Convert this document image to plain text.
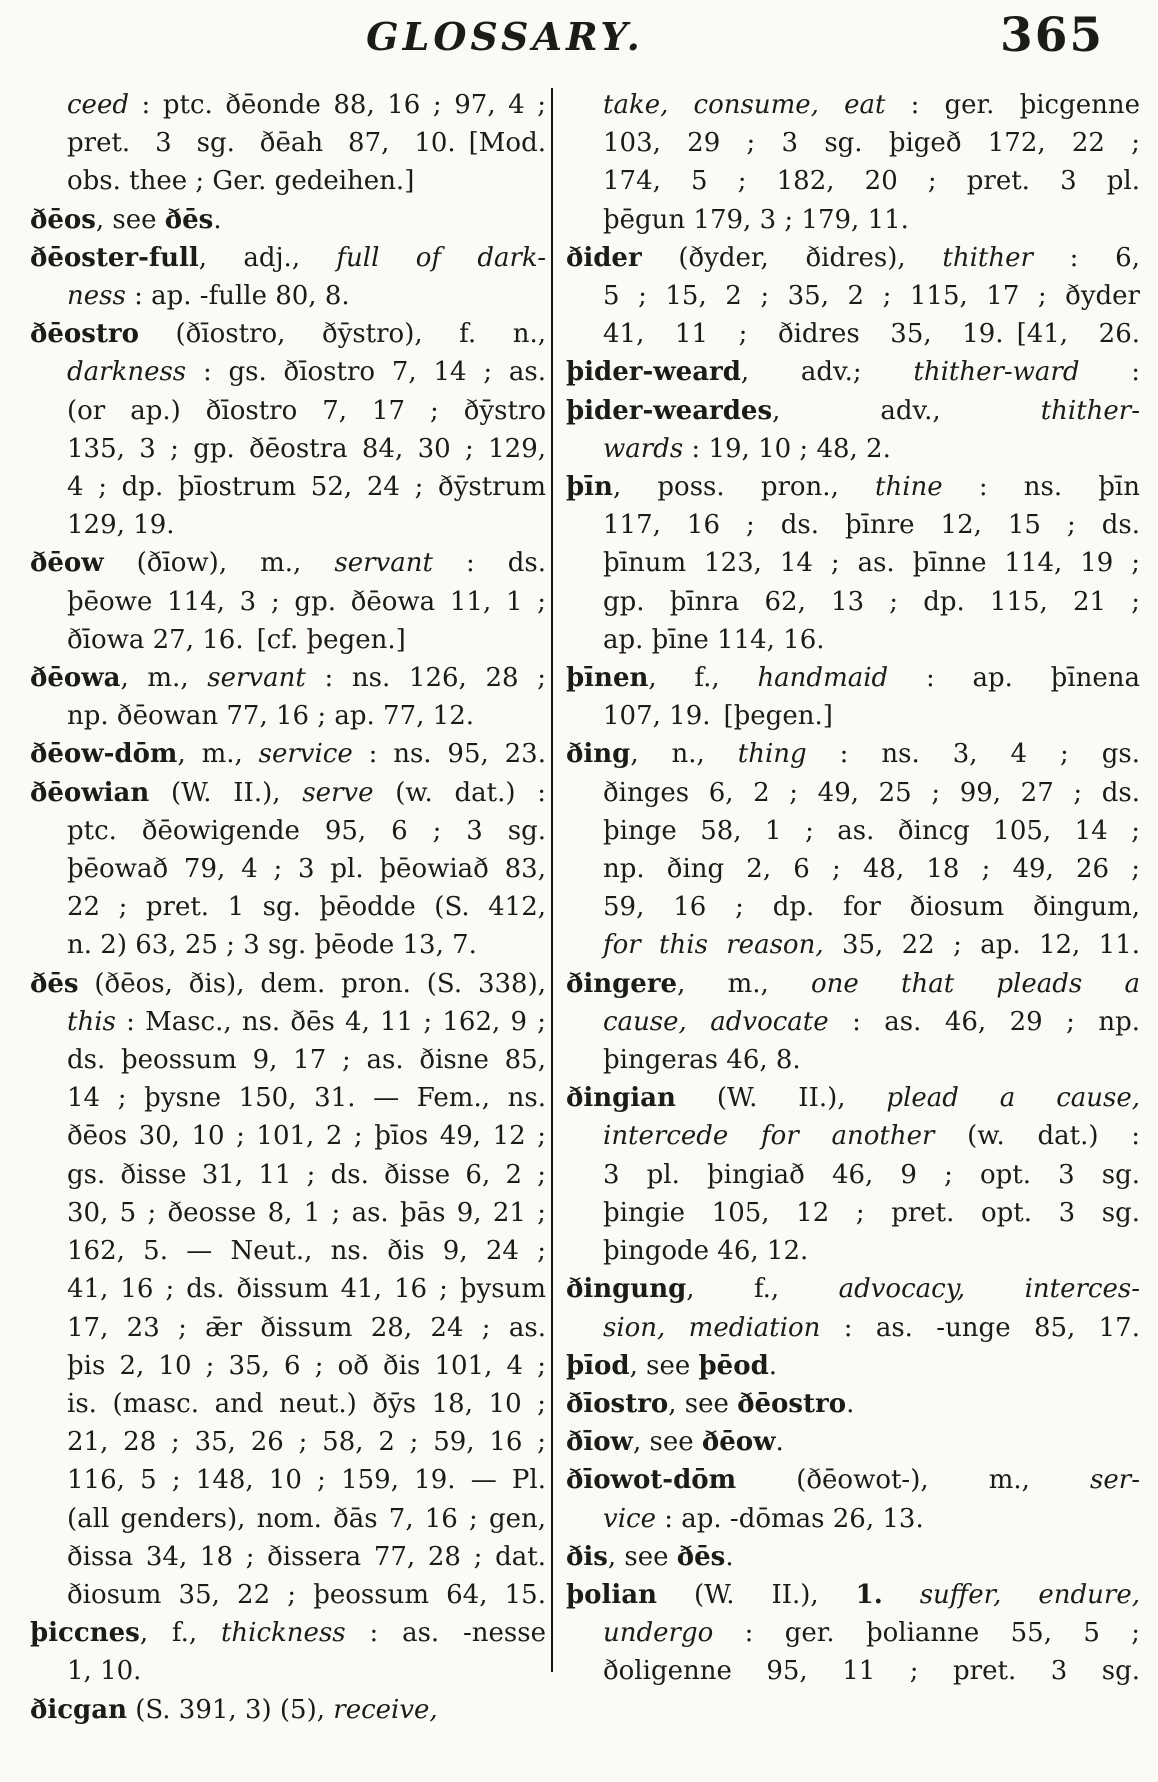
GLOSSARY.	365
ceed : ptc. ðēonde 88, 16 ; 97, 4 ;
pret. 3 sg. ðēah 87, 10. [Mod.
obs. thee ; Ger. gedeihen.]
ðēos, see ðēs.
ðēoster-full, adj., full of dark-
ness : ap. -fulle 80, 8.
ðēostro (ðīostro, ðȳstro), f. n.,
darkness : gs. ðīostro 7, 14 ; as.
(or ap.) ðīostro 7, 17 ; ðȳstro
135, 3 ; gp. ðēostra 84, 30 ; 129,
4 ; dp. þīostrum 52, 24 ; ðȳstrum
129, 19.
ðēow (ðīow), m., servant : ds.
þēowe 114, 3 ; gp. ðēowa 11, 1 ;
ðīowa 27, 16. [cf. þegen.]
ðēowa, m., servant : ns. 126, 28 ;
np. ðēowan 77, 16 ; ap. 77, 12.
ðēow-dōm, m., service : ns. 95, 23.
ðēowian (W. II.), serve (w. dat.) :
ptc. ðēowigende 95, 6 ; 3 sg.
þēowað 79, 4 ; 3 pl. þēowiað 83,
22 ; pret. 1 sg. þēodde (S. 412,
n. 2) 63, 25 ; 3 sg. þēode 13, 7.
ðēs (ðēos, ðis), dem. pron. (S. 338),
this : Masc., ns. ðēs 4, 11 ; 162, 9 ;
ds. þeossum 9, 17 ; as. ðisne 85,
14 ; þysne 150, 31. — Fem., ns.
ðēos 30, 10 ; 101, 2 ; þīos 49, 12 ;
gs. ðisse 31, 11 ; ds. ðisse 6, 2 ;
30, 5 ; ðeosse 8, 1 ; as. þās 9, 21 ;
162, 5. — Neut., ns. ðis 9, 24 ;
41, 16 ; ds. ðissum 41, 16 ; þysum
17, 23 ; ǣr ðissum 28, 24 ; as.
þis 2, 10 ; 35, 6 ; oð ðis 101, 4 ;
is. (masc. and neut.) ðȳs 18, 10 ;
21, 28 ; 35, 26 ; 58, 2 ; 59, 16 ;
116, 5 ; 148, 10 ; 159, 19. — Pl.
(all genders), nom. ðās 7, 16 ; gen,
ðissa 34, 18 ; ðissera 77, 28 ; dat.
ðiosum 35, 22 ; þeossum 64, 15.
þiccnes, f., thickness : as. -nesse
1, 10.
ðicgan (S. 391, 3) (5), receive,
take, consume, eat : ger. þicgenne
103, 29 ; 3 sg. þigeð 172, 22 ;
174, 5 ; 182, 20 ; pret. 3 pl.
þēgun 179, 3 ; 179, 11.
ðider (ðyder, ðidres), thither : 6,
5 ; 15, 2 ; 35, 2 ; 115, 17 ; ðyder
41, 11 ; ðidres 35, 19. [41, 26.
þider-weard, adv.; thither-ward :
þider-weardes, adv., thither-
wards : 19, 10 ; 48, 2.
þīn, poss. pron., thine : ns. þīn
117, 16 ; ds. þīnre 12, 15 ; ds.
þīnum 123, 14 ; as. þīnne 114, 19 ;
gp. þīnra 62, 13 ; dp. 115, 21 ;
ap. þīne 114, 16.
þīnen, f., handmaid : ap. þīnena
107, 19. [þegen.]
ðing, n., thing : ns. 3, 4 ; gs.
ðinges 6, 2 ; 49, 25 ; 99, 27 ; ds.
þinge 58, 1 ; as. ðincg 105, 14 ;
np. ðing 2, 6 ; 48, 18 ; 49, 26 ;
59, 16 ; dp. for ðiosum ðingum,
for this reason, 35, 22 ; ap. 12, 11.
ðingere, m., one that pleads a
cause, advocate : as. 46, 29 ; np.
þingeras 46, 8.
ðingian (W. II.), plead a cause,
intercede for another (w. dat.) :
3 pl. þingiað 46, 9 ; opt. 3 sg.
þingie 105, 12 ; pret. opt. 3 sg.
þingode 46, 12.
ðingung, f., advocacy, interces-
sion, mediation : as. -unge 85, 17.
þīod, see þēod.
ðīostro, see ðēostro.
ðīow, see ðēow.
ðīowot-dōm (ðēowot-), m., ser-
vice : ap. -dōmas 26, 13.
ðis, see ðēs.
þolian (W. II.), 1. suffer, endure,
undergo : ger. þolianne 55, 5 ;
ðoligenne 95, 11 ; pret. 3 sg.
